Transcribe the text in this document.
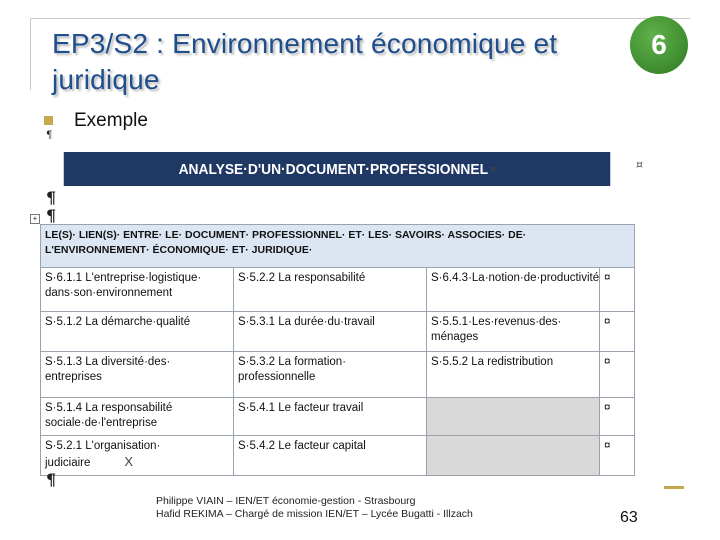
EP3/S2 : Environnement économique et juridique
6
Exemple
¶
ANALYSE·D'UN·DOCUMENT·PROFESSIONNEL ¤
¶
¶
+
¤
LE(S)· LIEN(S)· ENTRE· LE· DOCUMENT· PROFESSIONNEL· ET· LES· SAVOIRS· ASSOCIES· DE· L'ENVIRONNEMENT· ÉCONOMIQUE· ET· JURIDIQUE·			
S·6.1.1 L'entreprise·logistique· dans·son·environnement	S·5.2.2 La responsabilité	S·6.4.3·La·notion·de·productivité	¤
S·5.1.2 La démarche·qualité	S·5.3.1 La durée·du·travail	S·5.5.1·Les·revenus·des· ménages	¤
S·5.1.3 La diversité·des· entreprises	S·5.3.2 La formation· professionnelle	S·5.5.2 La redistribution	¤
S·5.1.4 La responsabilité sociale·de·l'entreprise	S·5.4.1 Le facteur travail		¤
S·5.2.1 L'organisation· judiciaire X	S·5.4.2 Le facteur capital		¤
¶
Philippe VIAIN – IEN/ET économie-gestion - Strasbourg
Hafid REKIMA – Chargé de mission IEN/ET – Lycée Bugatti - Illzach	63
